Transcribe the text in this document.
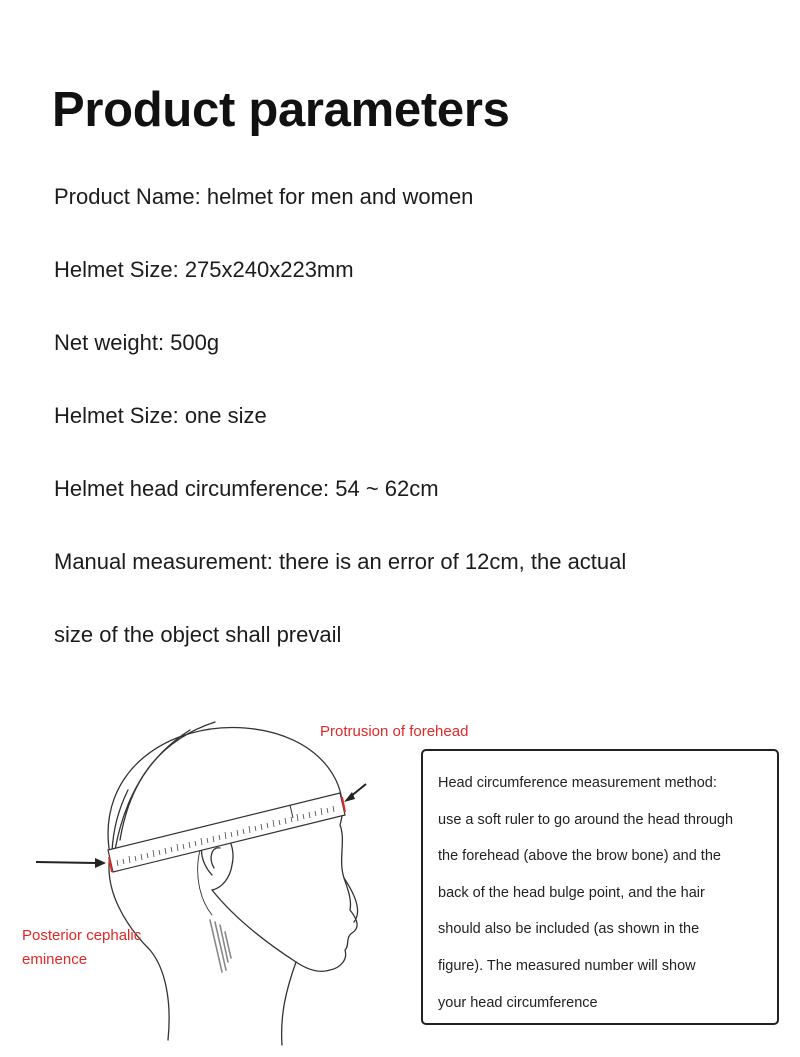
Product parameters

Product Name: helmet for men and women

Helmet Size: 275x240x223mm

Net weight: 500g

Helmet Size: one size

Helmet head circumference: 54 ~ 62cm

Manual measurement: there is an error of 12cm, the actual

size of the object shall prevail

Protrusion of forehead
Posterior cephalic eminence

Head circumference measurement method:

use a soft ruler to go around the head through

the forehead (above the brow bone) and the

back of the head bulge point, and the hair

should also be included (as shown in the

figure). The measured number will show

your head circumference
